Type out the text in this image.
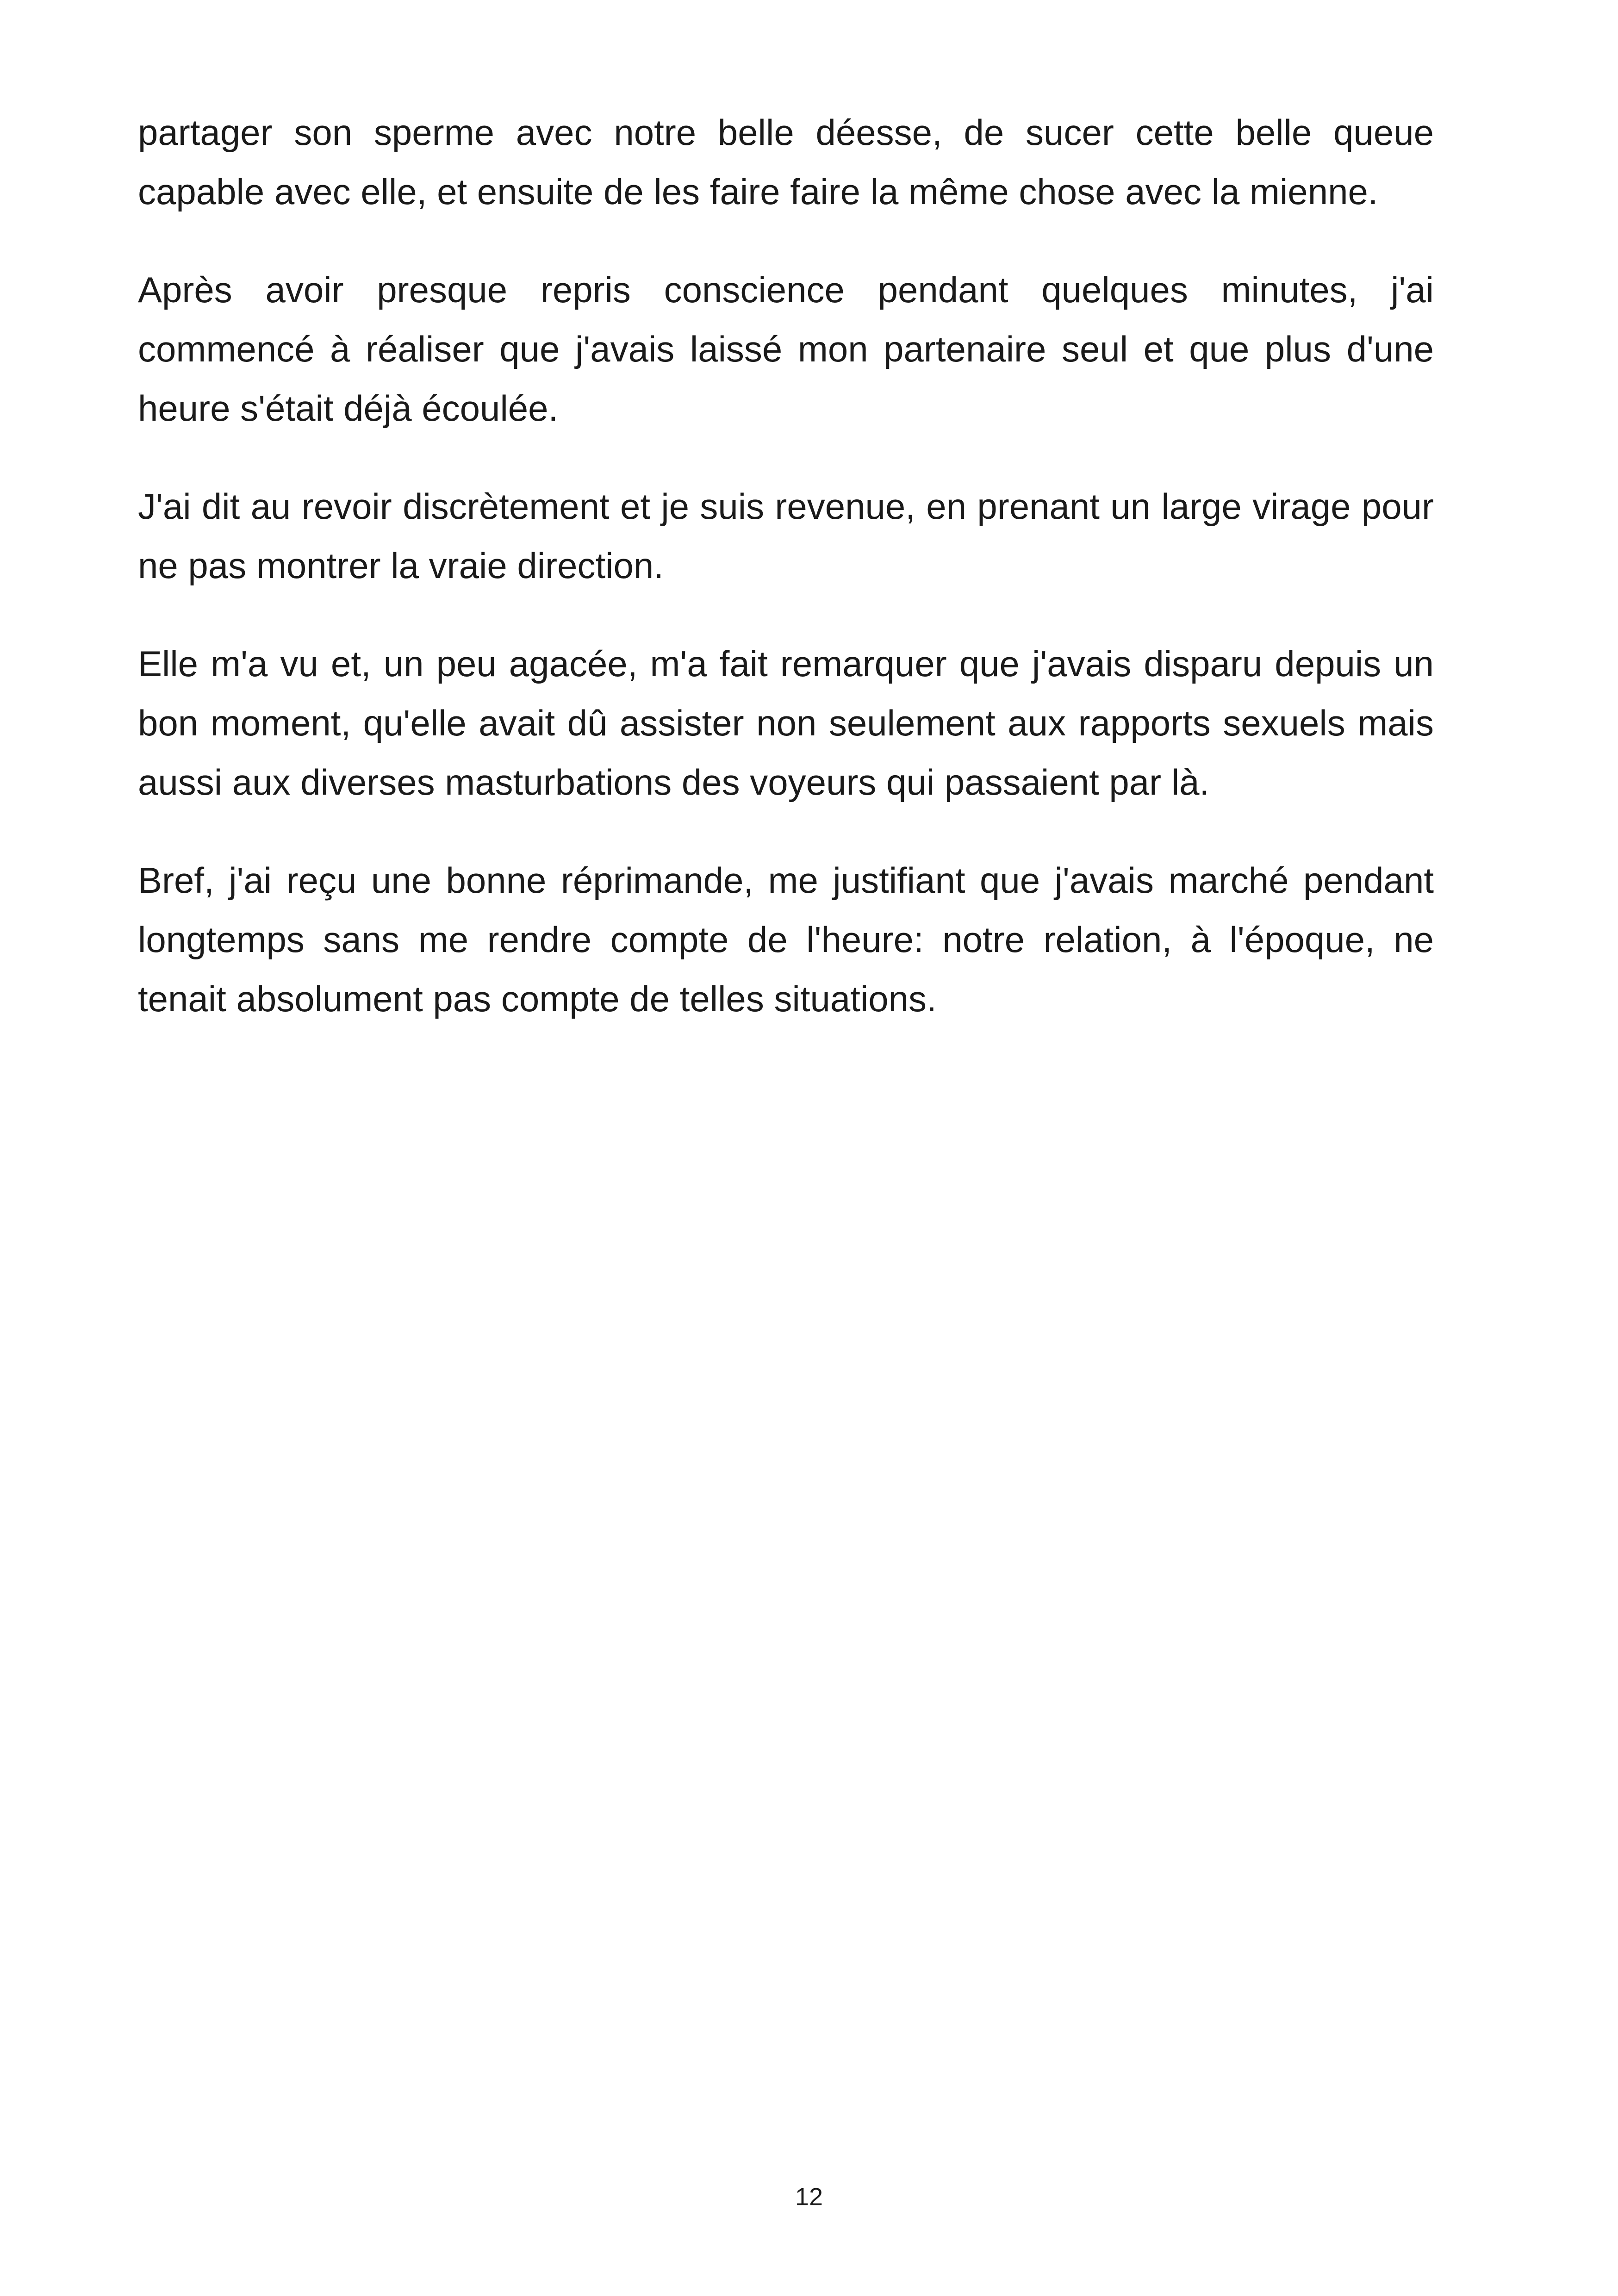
partager son sperme avec notre belle déesse, de sucer cette belle queue capable avec elle, et ensuite de les faire faire la même chose avec la mienne.

Après avoir presque repris conscience pendant quelques minutes, j'ai commencé à réaliser que j'avais laissé mon partenaire seul et que plus d'une heure s'était déjà écoulée.

J'ai dit au revoir discrètement et je suis revenue, en prenant un large virage pour ne pas montrer la vraie direction.

Elle m'a vu et, un peu agacée, m'a fait remarquer que j'avais disparu depuis un bon moment, qu'elle avait dû assister non seulement aux rapports sexuels mais aussi aux diverses masturbations des voyeurs qui passaient par là.

Bref, j'ai reçu une bonne réprimande, me justifiant que j'avais marché pendant longtemps sans me rendre compte de l'heure: notre relation, à l'époque, ne tenait absolument pas compte de telles situations.

12
